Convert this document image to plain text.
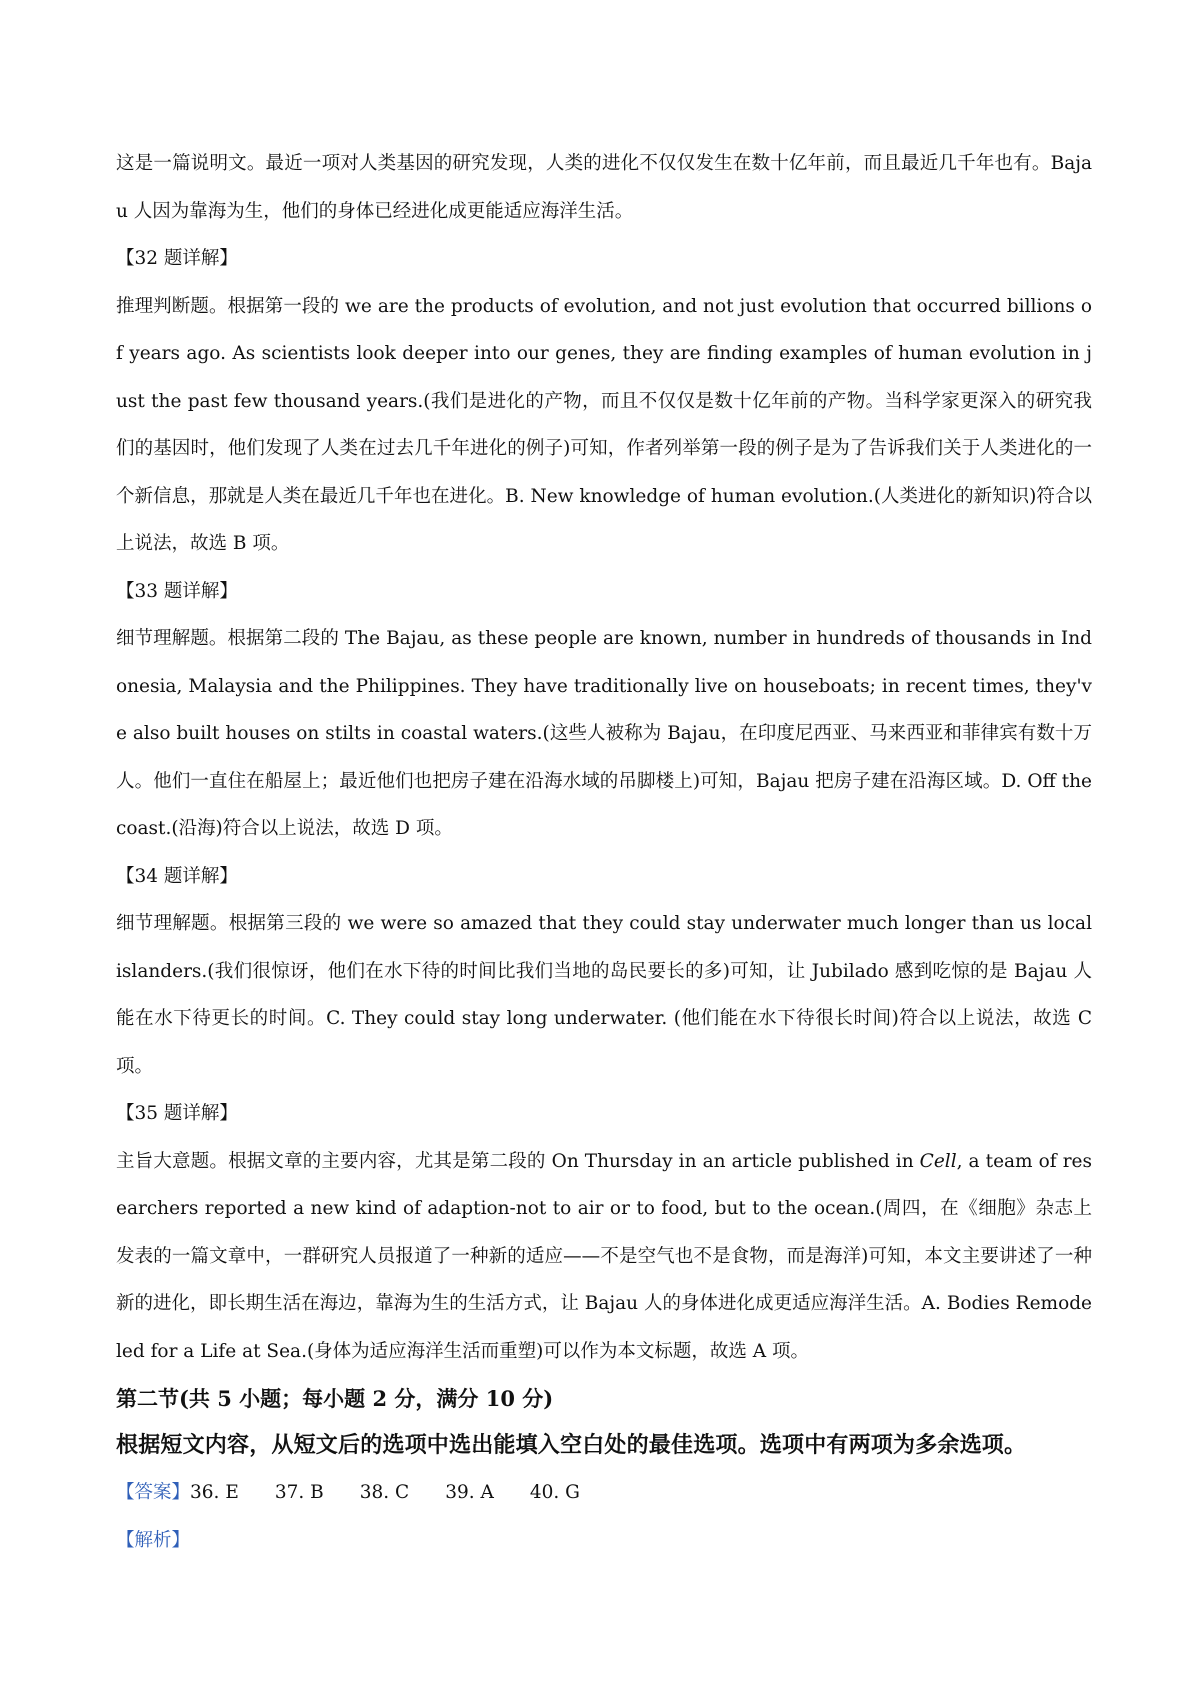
这是一篇说明文。最近一项对人类基因的研究发现，人类的进化不仅仅发生在数十亿年前，而且最近几千年也有。Bajau 人因为靠海为生，他们的身体已经进化成更能适应海洋生活。

【32 题详解】

推理判断题。根据第一段的 we are the products of evolution, and not just evolution that occurred billions of years ago. As scientists look deeper into our genes, they are finding examples of human evolution in just the past few thousand years.(我们是进化的产物，而且不仅仅是数十亿年前的产物。当科学家更深入的研究我们的基因时，他们发现了人类在过去几千年进化的例子)可知，作者列举第一段的例子是为了告诉我们关于人类进化的一个新信息，那就是人类在最近几千年也在进化。B. New knowledge of human evolution.(人类进化的新知识)符合以上说法，故选 B 项。

【33 题详解】

细节理解题。根据第二段的 The Bajau, as these people are known, number in hundreds of thousands in Indonesia, Malaysia and the Philippines. They have traditionally live on houseboats; in recent times, they've also built houses on stilts in coastal waters.(这些人被称为 Bajau，在印度尼西亚、马来西亚和菲律宾有数十万人。他们一直住在船屋上；最近他们也把房子建在沿海水域的吊脚楼上)可知，Bajau 把房子建在沿海区域。D. Off the coast.(沿海)符合以上说法，故选 D 项。

【34 题详解】

细节理解题。根据第三段的 we were so amazed that they could stay underwater much longer than us local islanders.(我们很惊讶，他们在水下待的时间比我们当地的岛民要长的多)可知，让 Jubilado 感到吃惊的是 Bajau 人能在水下待更长的时间。C. They could stay long underwater. (他们能在水下待很长时间)符合以上说法，故选 C 项。

【35 题详解】

主旨大意题。根据文章的主要内容，尤其是第二段的 On Thursday in an article published in Cell, a team of researchers reported a new kind of adaption-not to air or to food, but to the ocean.(周四，在《细胞》杂志上发表的一篇文章中，一群研究人员报道了一种新的适应——不是空气也不是食物，而是海洋)可知，本文主要讲述了一种新的进化，即长期生活在海边，靠海为生的生活方式，让 Bajau 人的身体进化成更适应海洋生活。A. Bodies Remodeled for a Life at Sea.(身体为适应海洋生活而重塑)可以作为本文标题，故选 A 项。

第二节(共 5 小题；每小题 2 分，满分 10 分)

根据短文内容，从短文后的选项中选出能填入空白处的最佳选项。选项中有两项为多余选项。

【答案】36. E 37. B 38. C 39. A 40. G

【解析】
